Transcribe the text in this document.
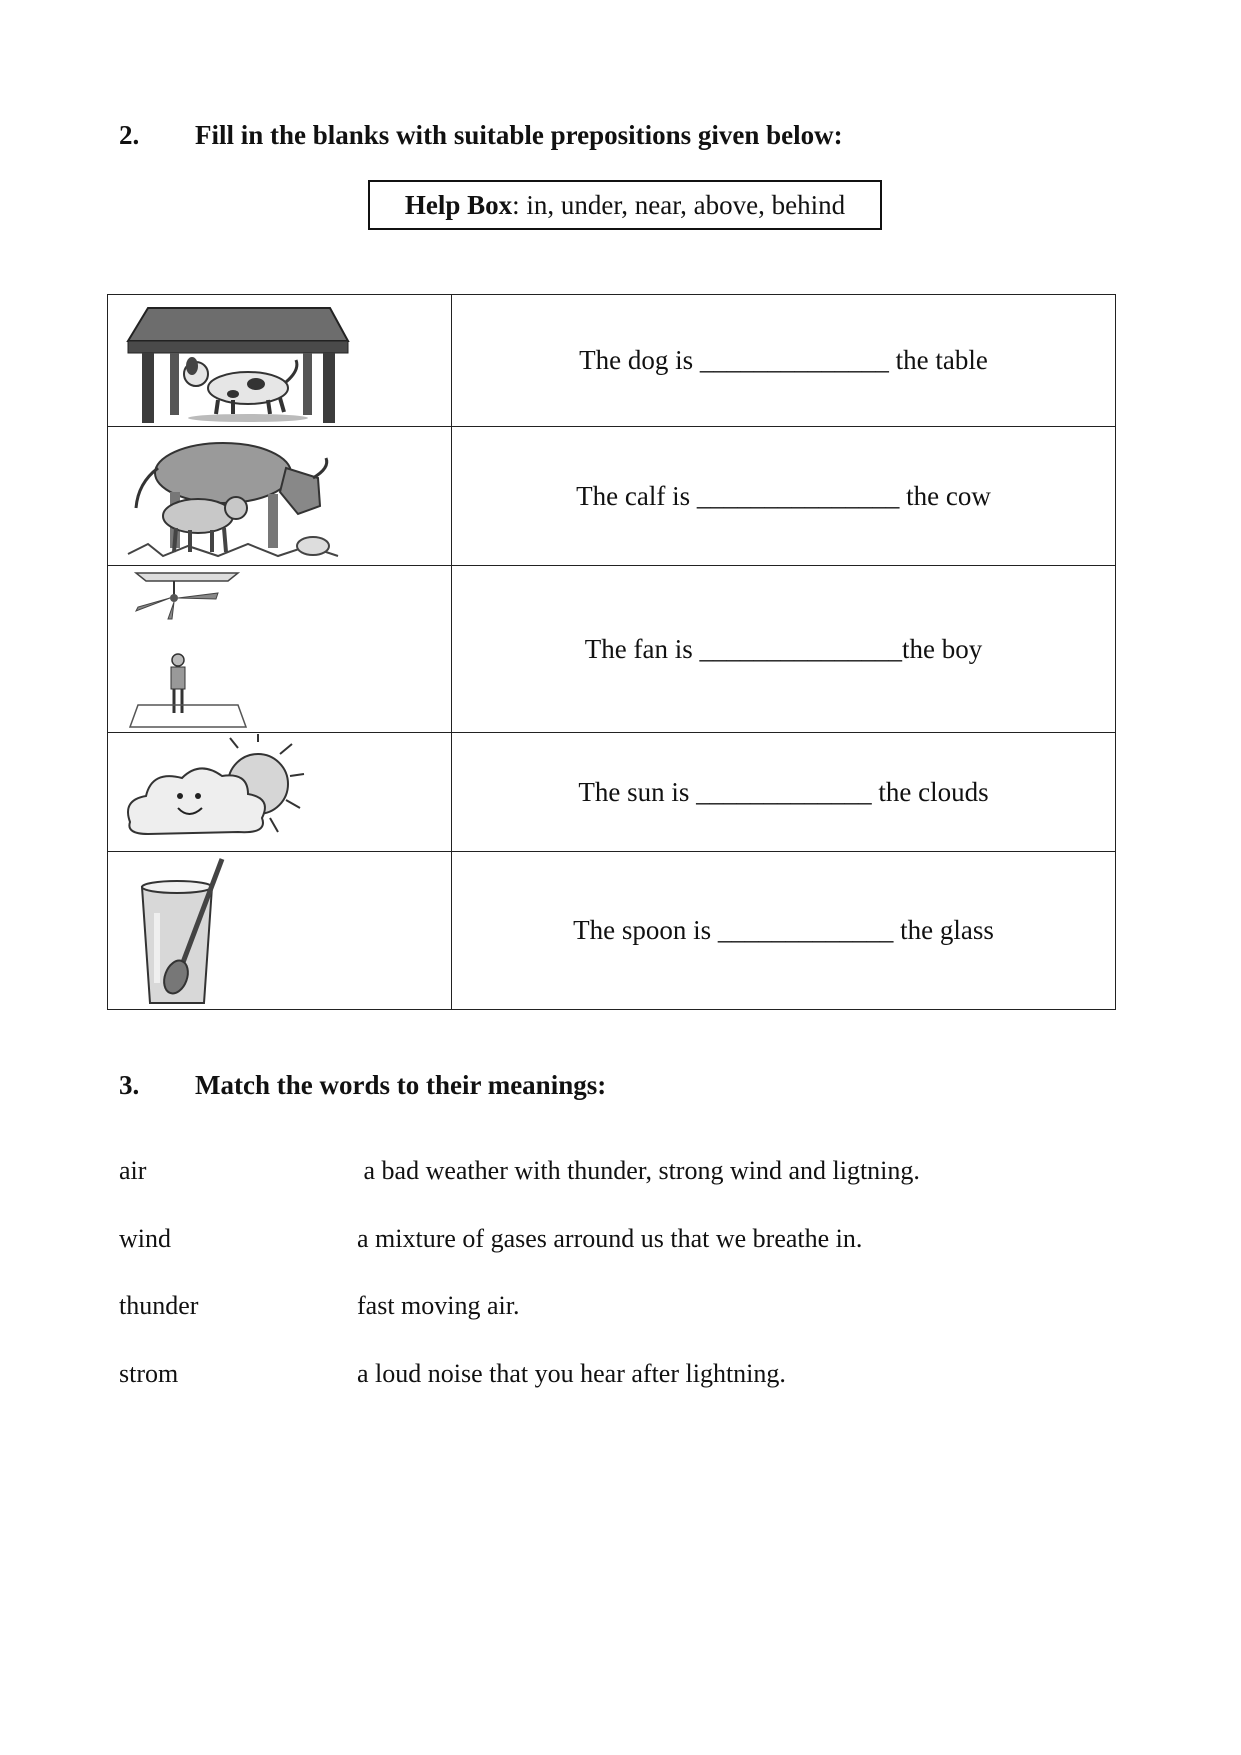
2. Fill in the blanks with suitable prepositions given below:
Help Box : in, under, near, above, behind
	The dog is ______________ the table

	The calf is _______________ the cow

	The fan is _______________the boy

	The sun is _____________ the clouds

	The spoon is _____________ the glass
3. Match the words to their meanings:
air	a bad weather with thunder, strong wind and ligtning.
wind	a mixture of gases arround us that we breathe in.
thunder	fast moving air.
strom	a loud noise that you hear after lightning.
